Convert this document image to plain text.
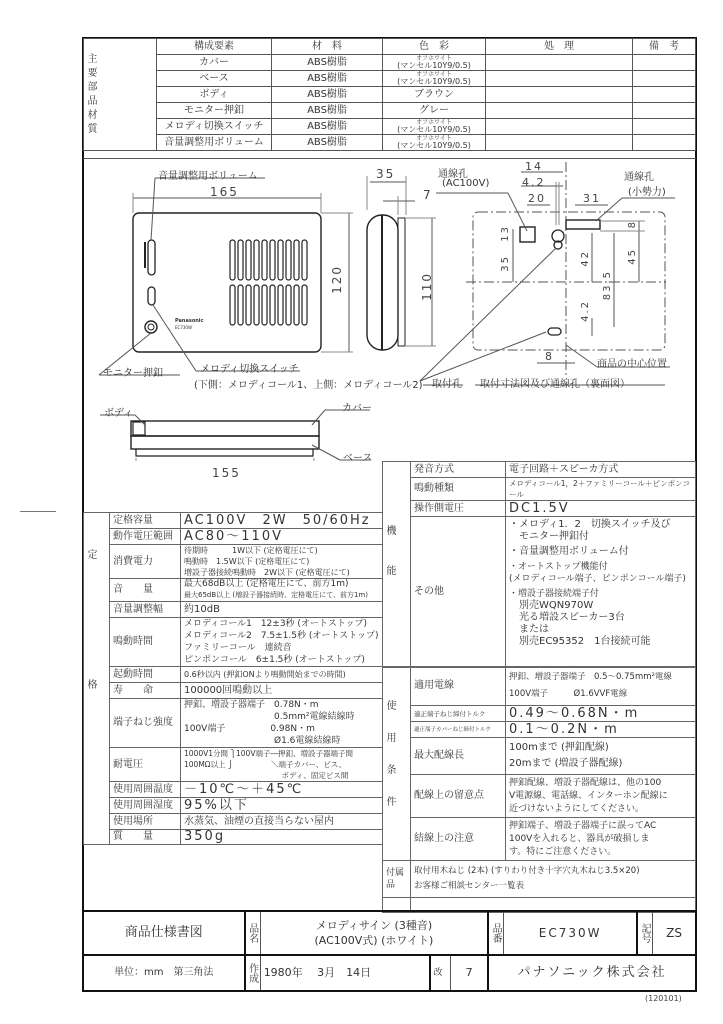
主要部品材質	構成要素	材　料	色　彩	処　理	備　考
	カバー	ABS樹脂	オフホワイト
(マンセル10Y9/0.5)		
	ベース	ABS樹脂	オフホワイト
(マンセル10Y9/0.5)		
	ボディ	ABS樹脂	ブラウン		
	モニター押釦	ABS樹脂	グレー		
	メロディ切換スイッチ	ABS樹脂	オフホワイト
(マンセル10Y9/0.5)		
	音量調整用ボリューム	ABS樹脂	オフホワイト
(マンセル10Y9/0.5)		
音量調整用ボリューム
165
120
Panasonic
EC730W
モニター押釦	メロディ切換スイッチ
(下側：メロディコール1、上側：メロディコール2)
35
7
110
通線孔
(AC100V)
通線孔
(小勢力)
14
4.2
20	31
13
8
35	42	45
83.5
4.2
8
商品の中心位置
取付孔 取付寸法図及び通線孔（裏面図）
ボディ	カバー
ベース
155
機能	発音方式	電子回路＋スピーカ方式
	鳴動種類	メロディコール1，2＋ファミリーコール＋ピンポンコール
	操作側電圧	DC1.5V
その他	
・メロディ1．2　切換スイッチ及び
　モニター押釦付
・音量調整用ボリューム付
・オートストップ機能付
(メロディコール端子、ピンポンコール端子)
・増設子器接続端子付
　別売WQN970W
　光る増設スピーカー3台
　または
　別売EC95352　1台接続可能
定格	定格容量	AC100V　2W　50/60Hz
	動作電圧範囲	AC80～110V
	消費電力	待期時　　　1W以下 (定格電圧にて)
鳴動時　1.5W以下 (定格電圧にて)
増設子器接続鳴動時　2W以下 (定格電圧にて)

	音　　量	最大68dB以上 (定格電圧にて、前方1m)
最大65dB以上 (増設子器接続時、定格電圧にて、前方1m)

	音量調整幅	約10dB
	鳴動時間	メロディコール1　12±3秒 (オートストップ)
メロディコール2　7.5±1.5秒 (オートストップ)
ファミリーコール　連続音
ピンポンコール　6±1.5秒 (オートストップ)

	起動時間	0.6秒以内 (押釦ONより鳴動開始までの時間)
	寿　　命	100000回鳴動以上
	端子ねじ強度	押釦、増設子器端子　0.78N・m
　　　　　　　　　　0.5mm²電線結線時
100V端子　　　　　0.98N・m
　　　　　　　　　　Ø1.6電線結線時

	耐電圧	1000V1分間 ⎫100V端子―押釦、増設子器端子間
100MΩ以上 ⎭　　　　　＼端子カバー、ビス、
　　　　　　　　　　　　　ボディ、固定ビス間

	使用周囲温度	－10℃～＋45℃
	使用周囲湿度	95%以下
	使用場所	水蒸気、油煙の直接当らない屋内
	質　　量	350g
使用条件	適用電線	押釦、増設子器端子　0.5～0.75mm²電線
100V端子　　　Ø1.6VVF電線

	適正端子ねじ締付トルク	0.49～0.68N・m
	適正端子カバーねじ締付トルク	0.1～0.2N・m
	最大配線長	100mまで (押釦配線)
20mまで (増設子器配線)

	配線上の留意点	押釦配線、増設子器配線は、他の100
V電源線、電話線、インターホン配線に
近づけないようにしてください。

	結線上の注意	押釦端子、増設子器端子に誤ってAC
100Vを入れると、器具が破損しま
す。特にご注意ください。

付属品	取付用木ねじ (2本) (すりわり付き十字穴丸木ねじ3.5×20)
お客様ご相談センター一覧表	

商品仕様書図	品名	メロディサイン (3種音)
(AC100V式) (ホワイト)			品番	EC730W	記号	ZS
単位：mm　第三角法	作成	1980年　 3月　14日	改	7	パナソニック株式会社			
(120101)
